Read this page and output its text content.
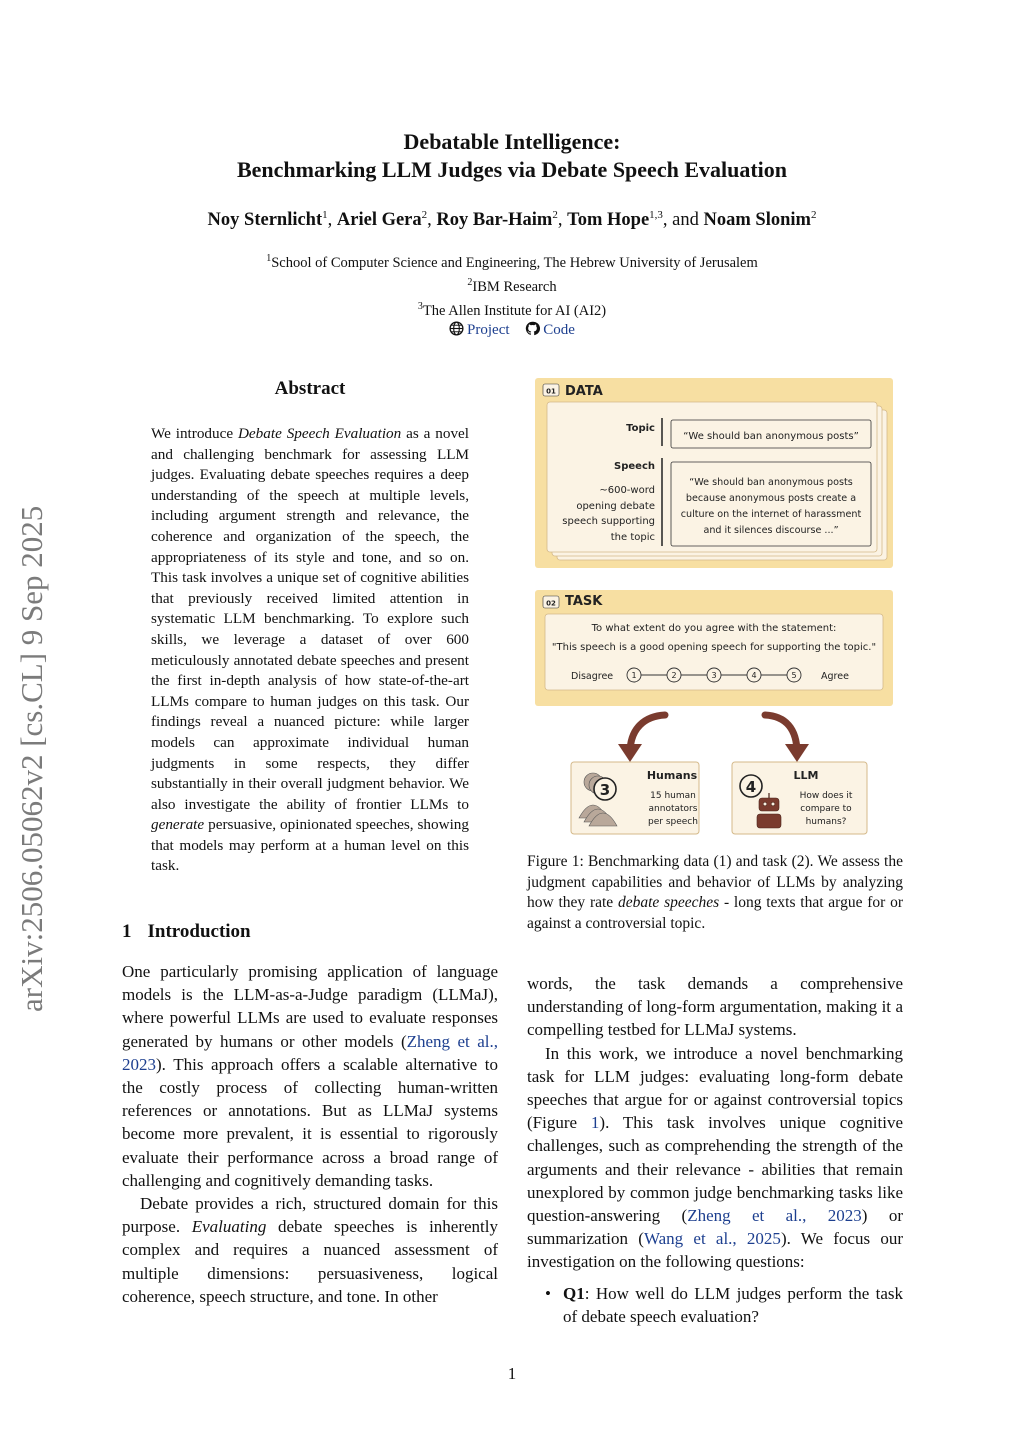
Debatable Intelligence:
Benchmarking LLM Judges via Debate Speech Evaluation
Noy Sternlicht$^1$, Ariel Gera$^2$, Roy Bar-Haim$^2$, Tom Hope$^{1,3}$, and Noam Slonim$^2$
$^1$School of Computer Science and Engineering, The Hebrew University of Jerusalem
$^2$IBM Research
$^3$The Allen Institute for AI (AI2)
Project Code
arXiv:2506.05062v2 [cs.CL] 9 Sep 2025
Abstract
We introduce Debate Speech Evaluation as a novel and challenging benchmark for assessing LLM judges. Evaluating debate speeches requires a deep understanding of the speech at multiple levels, including argument strength and relevance, the coherence and organization of the speech, the appropriateness of its style and tone, and so on. This task involves a unique set of cognitive abilities that previously received limited attention in systematic LLM benchmarking. To explore such skills, we leverage a dataset of over 600 meticulously annotated debate speeches and present the first in-depth analysis of how state-of-the-art LLMs compare to human judges on this task. Our findings reveal a nuanced picture: while larger models can approximate individual human judgments in some respects, they differ substantially in their overall judgment behavior. We also investigate the ability of frontier LLMs to generate persuasive, opinionated speeches, showing that models may perform at a human level on this task.
1 Introduction

One particularly promising application of language models is the LLM-as-a-Judge paradigm (LLMaJ), where powerful LLMs are used to evaluate responses generated by humans or other models (Zheng et al., 2023). This approach offers a scalable alternative to the costly process of collecting human-written references or annotations. But as LLMaJ systems become more prevalent, it is essential to rigorously evaluate their performance across a broad range of challenging and cognitively demanding tasks.

Debate provides a rich, structured domain for this purpose. Evaluating debate speeches is inherently complex and requires a nuanced assessment of multiple dimensions: persuasiveness, logical coherence, speech structure, and tone. In other

01 DATA
Topic
“We should ban anonymous posts”
Speech
~600-word
opening debate
speech supporting
the topic
“We should ban anonymous posts
because anonymous posts create a
culture on the internet of harassment
and it silences discourse ...”
02 TASK
To what extent do you agree with the statement:
"This speech is a good opening speech for supporting the topic."
Disagree	Agree
1	2	3	4	5
3
Humans
15 human
annotators
per speech
4
LLM
How does it
compare to
humans?
Figure 1: Benchmarking data (1) and task (2). We assess the judgment capabilities and behavior of LLMs by analyzing how they rate debate speeches - long texts that argue for or against a controversial topic.

words, the task demands a comprehensive understanding of long-form argumentation, making it a compelling testbed for LLMaJ systems.

In this work, we introduce a novel benchmarking task for LLM judges: evaluating long-form debate speeches that argue for or against controversial topics (Figure 1). This task involves unique cognitive challenges, such as comprehending the strength of the arguments and their relevance - abilities that remain unexplored by common judge benchmarking tasks like question-answering (Zheng et al., 2023) or summarization (Wang et al., 2025). We focus our investigation on the following questions:

• Q1: How well do LLM judges perform the task of debate speech evaluation?
1
